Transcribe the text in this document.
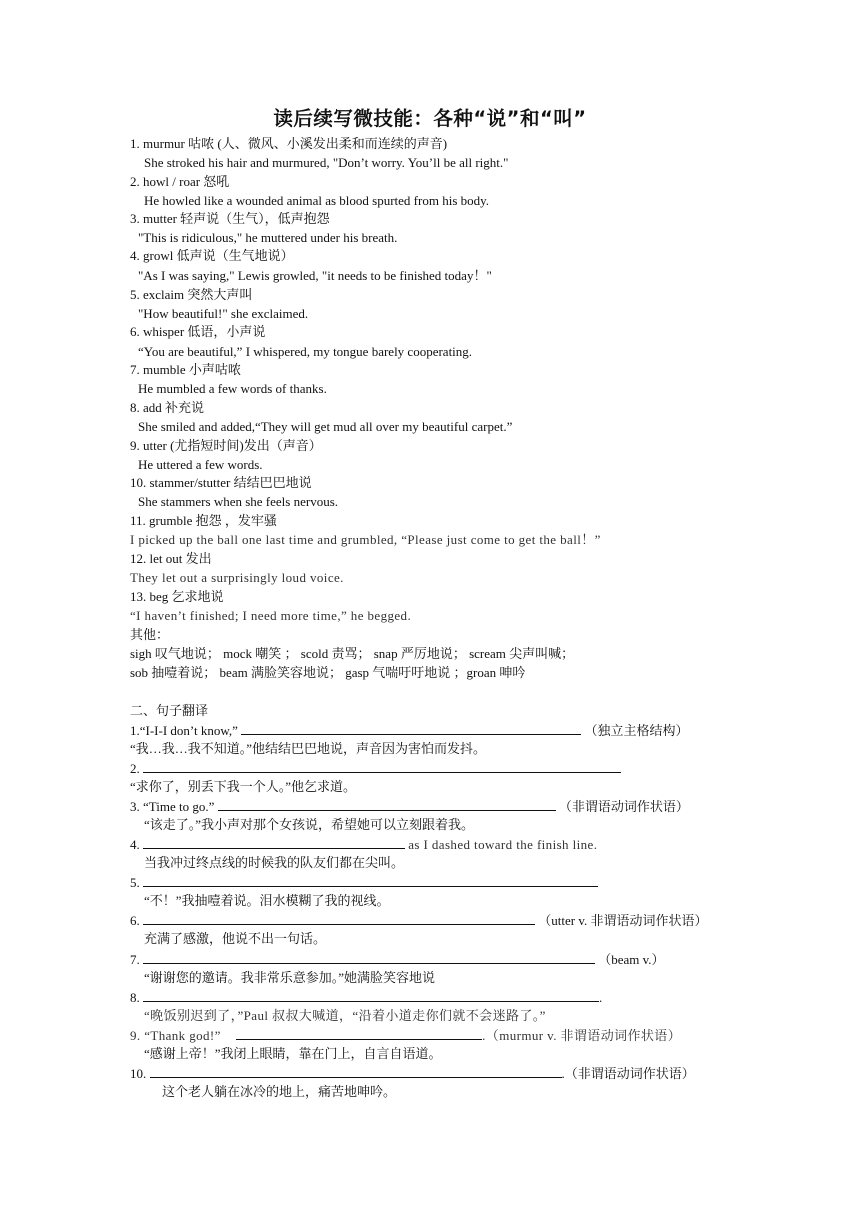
读后续写微技能：各种“说”和“叫”
1. murmur 咕哝 (人、微风、小溪发出柔和而连续的声音)
She stroked his hair and murmured, "Don’t worry. You’ll be all right."
2. howl / roar 怒吼
He howled like a wounded animal as blood spurted from his body.
3. mutter 轻声说（生气），低声抱怨
"This is ridiculous," he muttered under his breath.
4. growl 低声说（生气地说）
"As I was saying," Lewis growled, "it needs to be finished today！"
5. exclaim 突然大声叫
"How beautiful!" she exclaimed.
6. whisper 低语，小声说
“You are beautiful,” I whispered, my tongue barely cooperating.
7. mumble 小声咕哝
He mumbled a few words of thanks.
8. add 补充说
She smiled and added,“They will get mud all over my beautiful carpet.”
9. utter (尤指短时间)发出（声音）
He uttered a few words.
10. stammer/stutter 结结巴巴地说
She stammers when she feels nervous.
11. grumble 抱怨 ，发牢骚
I picked up the ball one last time and grumbled, “Please just come to get the ball！”
12. let out 发出
They let out a surprisingly loud voice.
13. beg 乞求地说
“I haven’t finished; I need more time,” he begged.
其他：
sigh 叹气地说； mock 嘲笑 ； scold 责骂； snap 严厉地说； scream 尖声叫喊；
sob 抽噎着说； beam 满脸笑容地说； gasp 气喘吁吁地说 ；groan 呻吟
二、句子翻译
1.“I-I-I don’t know,”	（独立主格结构）
“我…我…我不知道。”他结结巴巴地说，声音因为害怕而发抖。
2.
“求你了，别丢下我一个人。”他乞求道。
3. “Time to go.”	（非谓语动词作状语）
“该走了。”我小声对那个女孩说，希望她可以立刻跟着我。
4.	as I dashed toward the finish line.
当我冲过终点线的时候我的队友们都在尖叫。
5.
“不！”我抽噎着说。泪水模糊了我的视线。
6.	（utter v. 非谓语动词作状语）
充满了感激，他说不出一句话。
7.	（beam v.）
“谢谢您的邀请。我非常乐意参加。”她满脸笑容地说
8.	.
“晚饭别迟到了，”Paul 叔叔大喊道，“沿着小道走你们就不会迷路了。”
9. “Thank god!”	.（murmur v. 非谓语动词作状语）
“感谢上帝！”我闭上眼睛，靠在门上，自言自语道。
10.	.（非谓语动词作状语）
这个老人躺在冰冷的地上，痛苦地呻吟。
